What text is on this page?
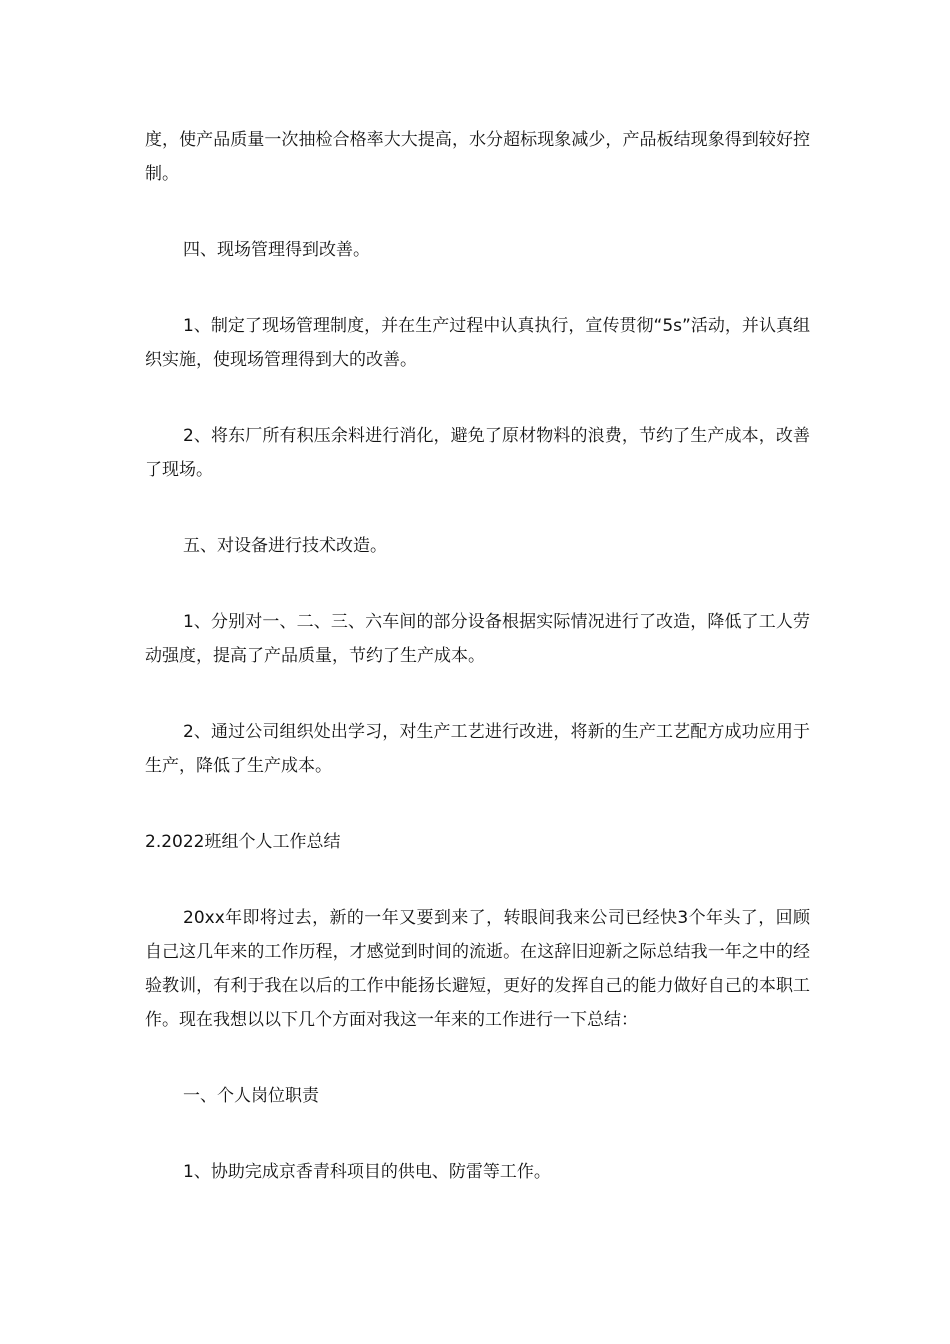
度，使产品质量一次抽检合格率大大提高，水分超标现象减少，产品板结现象得到较好控制。

四、现场管理得到改善。

1、制定了现场管理制度，并在生产过程中认真执行，宣传贯彻“5s”活动，并认真组织实施，使现场管理得到大的改善。

2、将东厂所有积压余料进行消化，避免了原材物料的浪费，节约了生产成本，改善了现场。

五、对设备进行技术改造。

1、分别对一、二、三、六车间的部分设备根据实际情况进行了改造，降低了工人劳动强度，提高了产品质量，节约了生产成本。

2、通过公司组织处出学习，对生产工艺进行改进，将新的生产工艺配方成功应用于生产，降低了生产成本。

2.2022班组个人工作总结

20xx年即将过去，新的一年又要到来了，转眼间我来公司已经快3个年头了，回顾自己这几年来的工作历程，才感觉到时间的流逝。在这辞旧迎新之际总结我一年之中的经验教训，有利于我在以后的工作中能扬长避短，更好的发挥自己的能力做好自己的本职工作。现在我想以以下几个方面对我这一年来的工作进行一下总结：

一、个人岗位职责

1、协助完成京香青科项目的供电、防雷等工作。
